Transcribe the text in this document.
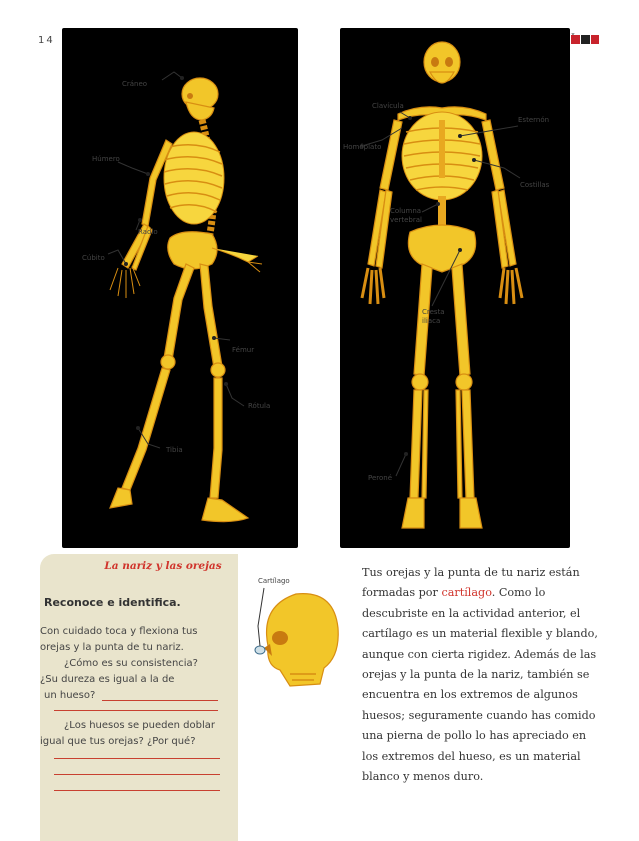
14
Cráneo
Húmero
Radio
Cúbito
Fémur
Rótula
Tibia
Clavícula
Esternón
Homóplato
Costillas
Columna
vertebral
Cresta
iliaca
Peroné
La nariz y las orejas
Reconoce e identifica.
Con cuidado toca y flexiona tus
orejas y la punta de tu nariz.
¿Cómo es su consistencia?
¿Su dureza es igual a la de
un hueso?
¿Los huesos se pueden doblar
igual que tus orejas? ¿Por qué?
Cartílago
Tus orejas y la punta de tu nariz están
formadas por cartílago. Como lo
descubriste en la actividad anterior, el
cartílago es un material flexible y blando,
aunque con cierta rigidez. Además de las
orejas y la punta de la nariz, también se
encuentra en los extremos de algunos
huesos; seguramente cuando has comido
una pierna de pollo lo has apreciado en
los extremos del hueso, es un material
blanco y menos duro.
